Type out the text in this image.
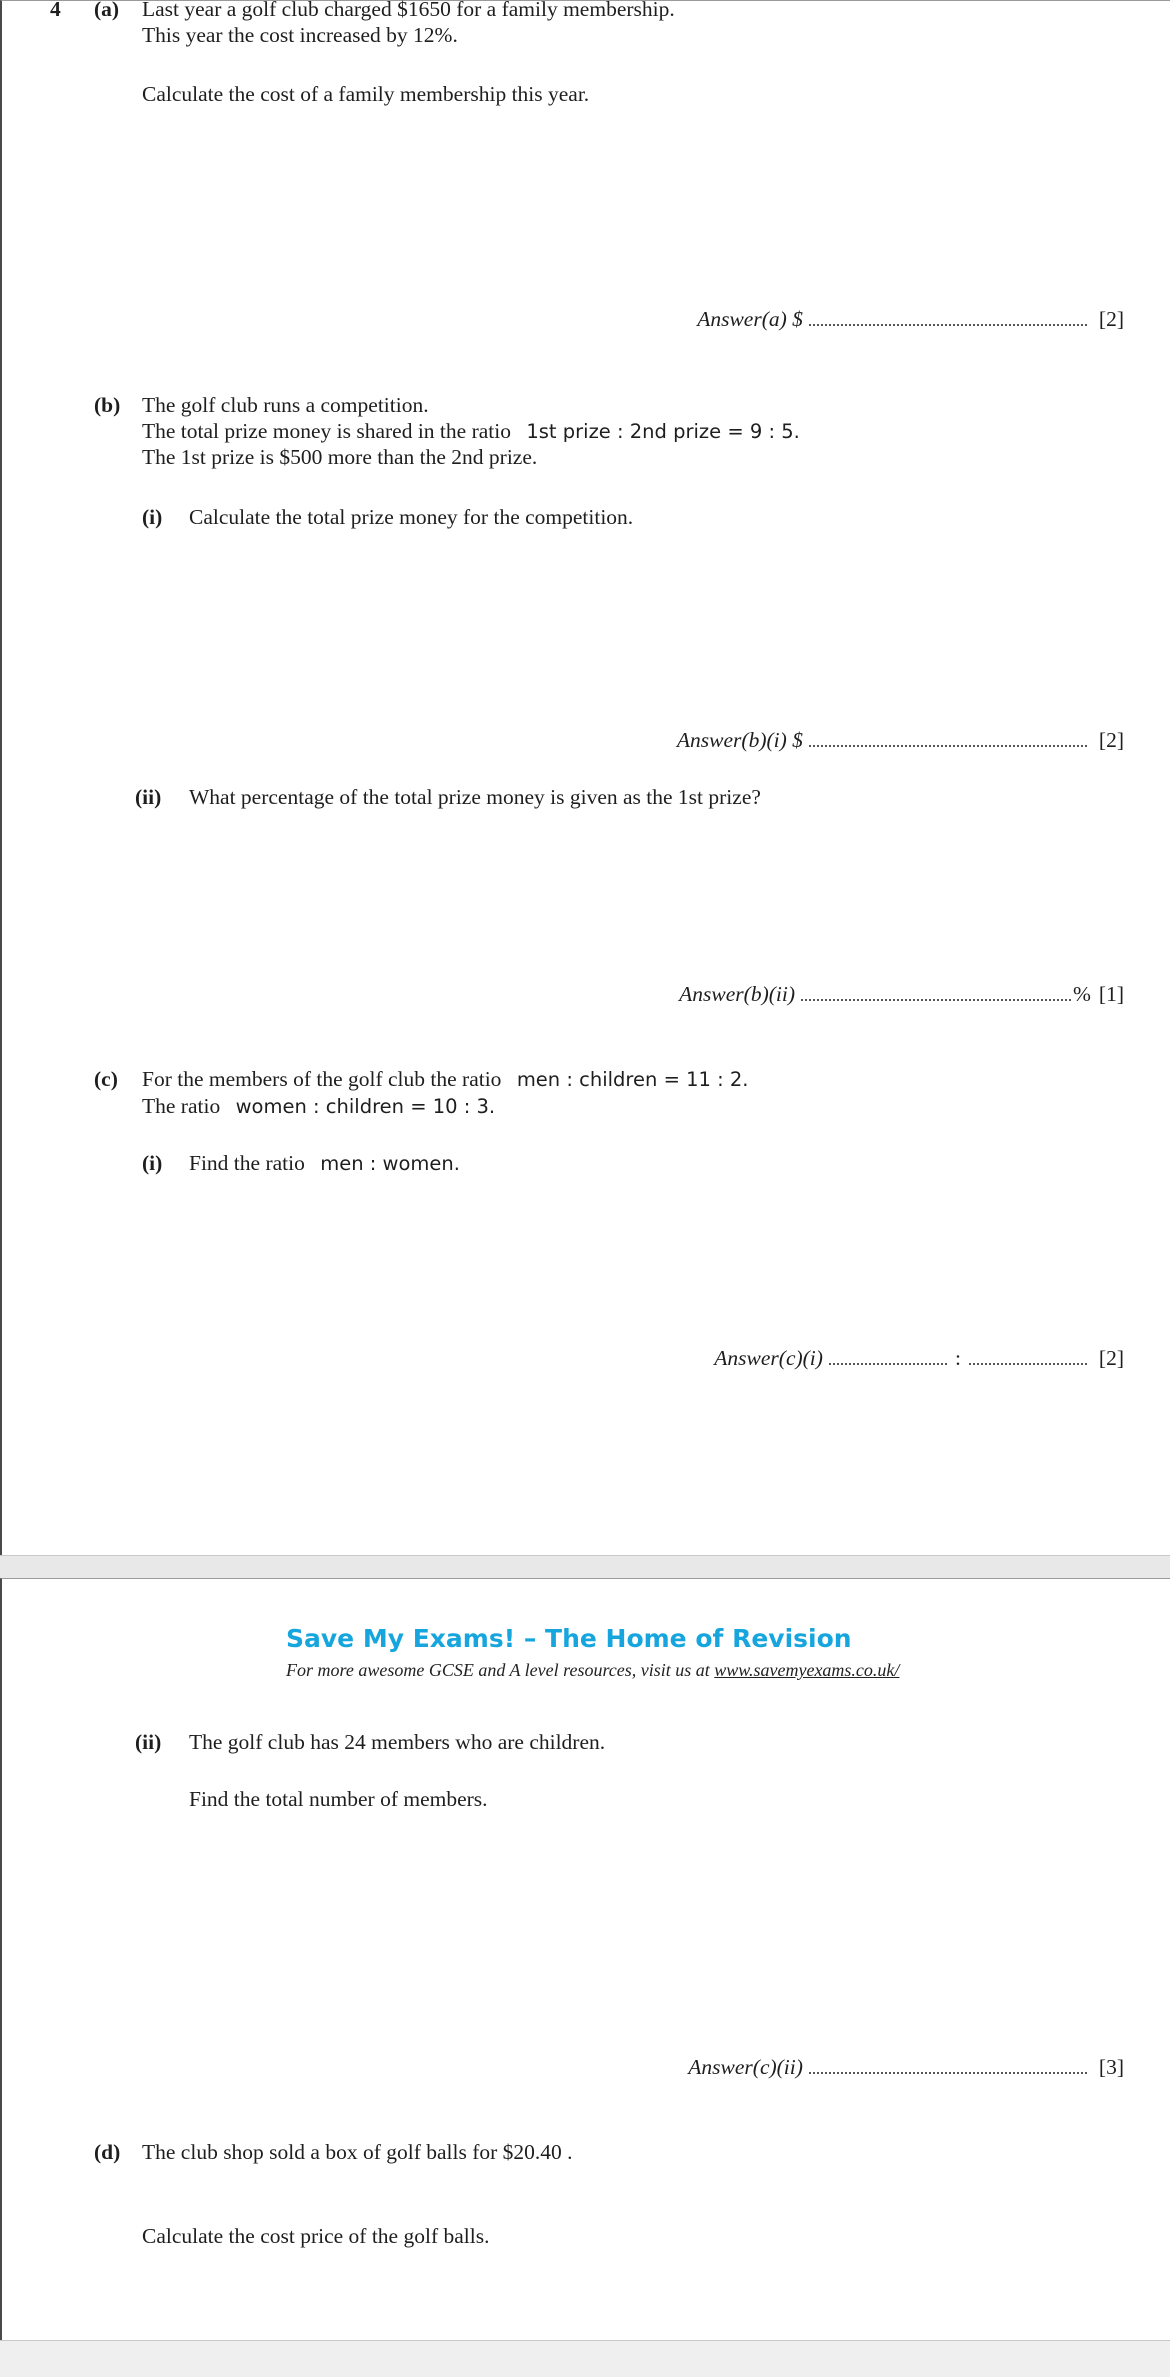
4 (a) Last year a golf club charged $1650 for a family membership.
This year the cost increased by 12%.
Calculate the cost of a family membership this year.
Answer(a) $	[2]
(b) The golf club runs a competition.
The total prize money is shared in the ratio 1st prize : 2nd prize = 9 : 5.
The 1st prize is $500 more than the 2nd prize.
(i) Calculate the total prize money for the competition.
Answer(b)(i) $	[2]
(ii) What percentage of the total prize money is given as the 1st prize?
Answer(b)(ii)	% [1]
(c) For the members of the golf club the ratio men : children = 11 : 2.
The ratio women : children = 10 : 3.
(i) Find the ratio men : women.
Answer(c)(i)	:	[2]
Save My Exams! – The Home of Revision
For more awesome GCSE and A level resources, visit us at www.savemyexams.co.uk/
(ii) The golf club has 24 members who are children.
Find the total number of members.
Answer(c)(ii)	[3]
(d) The club shop sold a box of golf balls for $20.40 .
Calculate the cost price of the golf balls.
